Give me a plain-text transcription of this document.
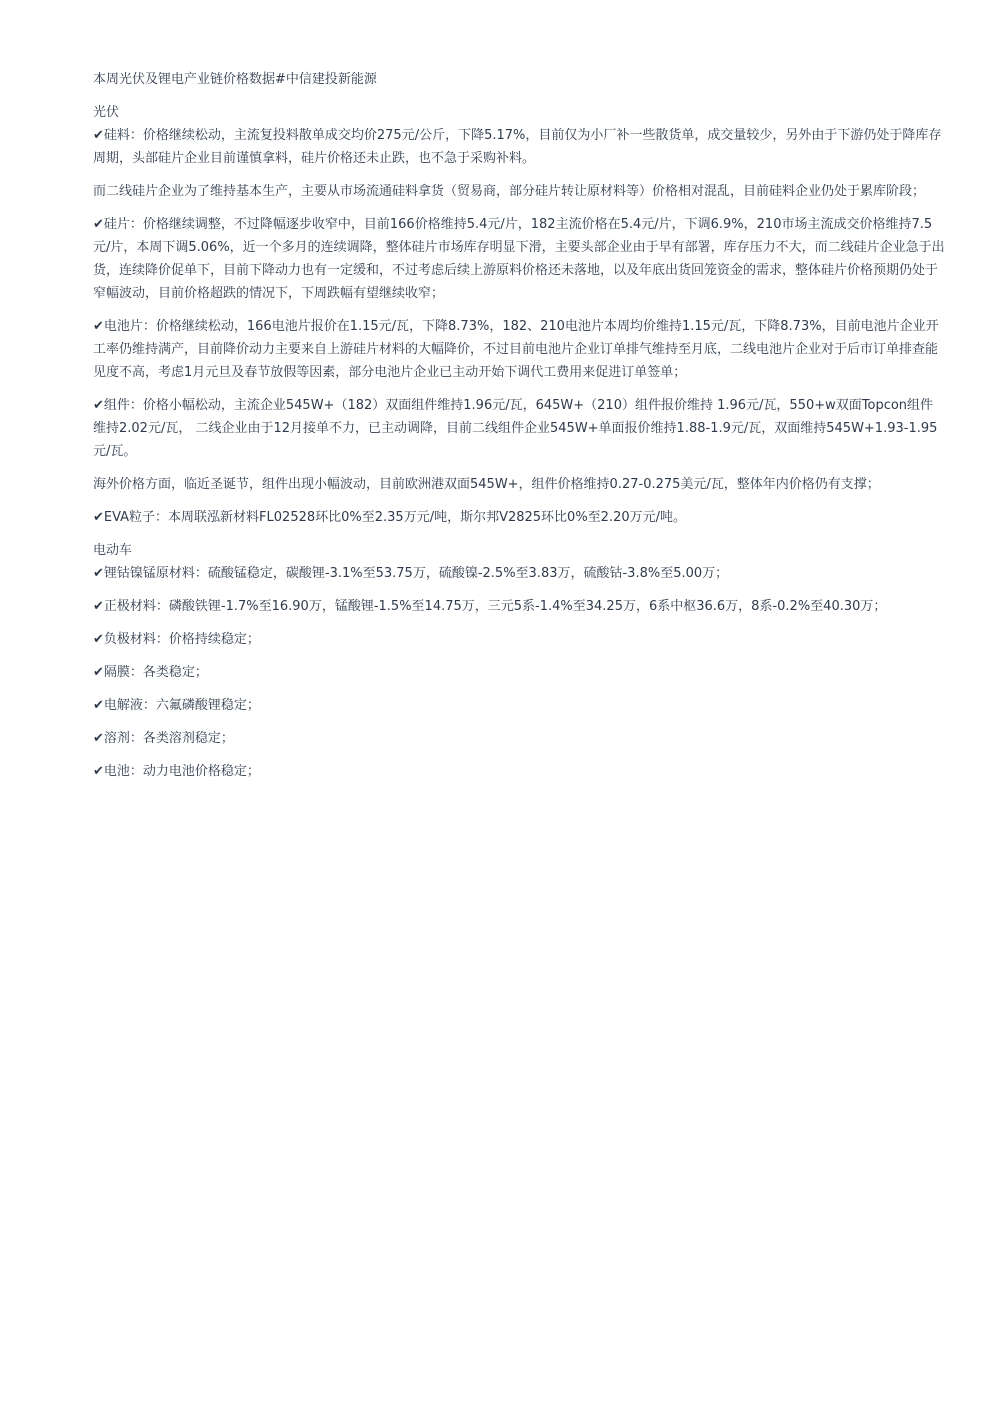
本周光伏及锂电产业链价格数据#中信建投新能源

光伏

✔硅料：价格继续松动，主流复投料散单成交均价275元/公斤，下降5.17%，目前仅为小厂补一些散货单，成交量较少，另外由于下游仍处于降库存周期，头部硅片企业目前谨慎拿料，硅片价格还未止跌，也不急于采购补料。

而二线硅片企业为了维持基本生产，主要从市场流通硅料拿货（贸易商，部分硅片转让原材料等）价格相对混乱，目前硅料企业仍处于累库阶段；

✔硅片：价格继续调整，不过降幅逐步收窄中，目前166价格维持5.4元/片，182主流价格在5.4元/片，下调6.9%，210市场主流成交价格维持7.5元/片，本周下调5.06%，近一个多月的连续调降，整体硅片市场库存明显下滑，主要头部企业由于早有部署，库存压力不大，而二线硅片企业急于出货，连续降价促单下，目前下降动力也有一定缓和，不过考虑后续上游原料价格还未落地，以及年底出货回笼资金的需求，整体硅片价格预期仍处于窄幅波动，目前价格超跌的情况下，下周跌幅有望继续收窄；

✔电池片：价格继续松动，166电池片报价在1.15元/瓦，下降8.73%，182、210电池片本周均价维持1.15元/瓦，下降8.73%，目前电池片企业开工率仍维持满产，目前降价动力主要来自上游硅片材料的大幅降价，不过目前电池片企业订单排气维持至月底，二线电池片企业对于后市订单排查能见度不高，考虑1月元旦及春节放假等因素，部分电池片企业已主动开始下调代工费用来促进订单签单；

✔组件：价格小幅松动，主流企业545W+（182）双面组件维持1.96元/瓦，645W+（210）组件报价维持 1.96元/瓦，550+w双面Topcon组件维持2.02元/瓦， 二线企业由于12月接单不力，已主动调降，目前二线组件企业545W+单面报价维持1.88-1.9元/瓦，双面维持545W+1.93-1.95元/瓦。

海外价格方面，临近圣诞节，组件出现小幅波动，目前欧洲港双面545W+，组件价格维持0.27-0.275美元/瓦，整体年内价格仍有支撑；

✔EVA粒子：本周联泓新材料FL02528环比0%至2.35万元/吨，斯尔邦V2825环比0%至2.20万元/吨。

电动车

✔锂钴镍锰原材料：硫酸锰稳定，碳酸锂-3.1%至53.75万，硫酸镍-2.5%至3.83万，硫酸钴-3.8%至5.00万；

✔正极材料：磷酸铁锂-1.7%至16.90万，锰酸锂-1.5%至14.75万，三元5系-1.4%至34.25万，6系中枢36.6万，8系-0.2%至40.30万；

✔负极材料：价格持续稳定；

✔隔膜：各类稳定；

✔电解液：六氟磷酸锂稳定；

✔溶剂：各类溶剂稳定；

✔电池：动力电池价格稳定；
